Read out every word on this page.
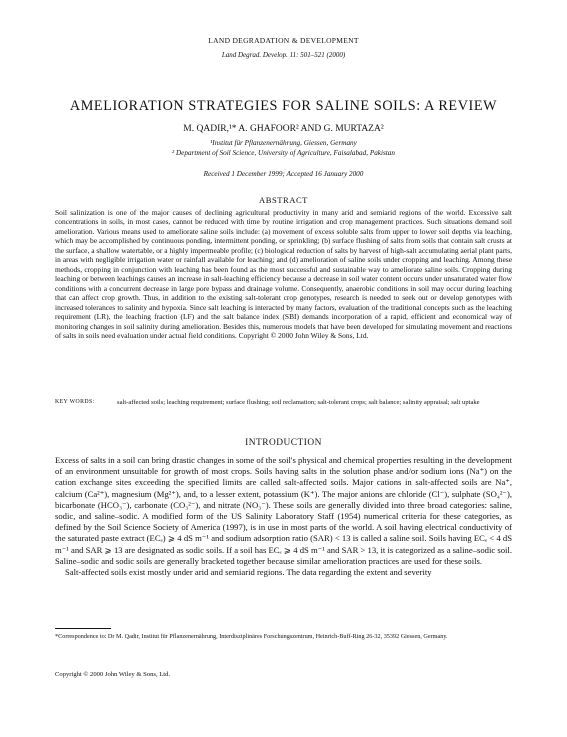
LAND DEGRADATION & DEVELOPMENT
Land Degrad. Develop. 11: 501–521 (2000)
AMELIORATION STRATEGIES FOR SALINE SOILS: A REVIEW
M. QADIR,¹* A. GHAFOOR² AND G. MURTAZA²
¹Institut für Pflanzenernährung, Giessen, Germany
² Department of Soil Science, University of Agriculture, Faisalabad, Pakistan
Received 1 December 1999; Accepted 16 January 2000
ABSTRACT

Soil salinization is one of the major causes of declining agricultural productivity in many arid and semiarid regions of the world. Excessive salt concentrations in soils, in most cases, cannot be reduced with time by routine irrigation and crop management practices. Such situations demand soil amelioration. Various means used to ameliorate saline soils include: (a) movement of excess soluble salts from upper to lower soil depths via leaching, which may be accomplished by continuous ponding, intermittent ponding, or sprinkling; (b) surface flushing of salts from soils that contain salt crusts at the surface, a shallow watertable, or a highly impermeable profile; (c) biological reduction of salts by harvest of high-salt accumulating aerial plant parts, in areas with negligible irrigation water or rainfall available for leaching; and (d) amelioration of saline soils under cropping and leaching. Among these methods, cropping in conjunction with leaching has been found as the most successful and sustainable way to ameliorate saline soils. Cropping during leaching or between leachings causes an increase in salt-leaching efficiency because a decrease in soil water content occurs under unsaturated water flow conditions with a concurrent decrease in large pore bypass and drainage volume. Consequently, anaerobic conditions in soil may occur during leaching that can affect crop growth. Thus, in addition to the existing salt-tolerant crop genotypes, research is needed to seek out or develop genotypes with increased tolerances to salinity and hypoxia. Since salt leaching is interacted by many factors, evaluation of the traditional concepts such as the leaching requirement (LR), the leaching fraction (LF) and the salt balance index (SBI) demands incorporation of a rapid, efficient and economical way of monitoring changes in soil salinity during amelioration. Besides this, numerous models that have been developed for simulating movement and reactions of salts in soils need evaluation under actual field conditions. Copyright © 2000 John Wiley & Sons, Ltd.

KEY WORDS:	salt-affected soils; leaching requirement; surface flushing; soil reclamation; salt-tolerant crops; salt balance; salinity appraisal; salt uptake
INTRODUCTION

Excess of salts in a soil can bring drastic changes in some of the soil's physical and chemical properties resulting in the development of an environment unsuitable for growth of most crops. Soils having salts in the solution phase and/or sodium ions (Na⁺) on the cation exchange sites exceeding the specified limits are called salt-affected soils. Major cations in salt-affected soils are Na⁺, calcium (Ca²⁺), magnesium (Mg²⁺), and, to a lesser extent, potassium (K⁺). The major anions are chloride (Cl⁻), sulphate (SO₄²⁻), bicarbonate (HCO₃⁻), carbonate (CO₃²⁻), and nitrate (NO₃⁻). These soils are generally divided into three broad categories: saline, sodic, and saline–sodic. A modified form of the US Salinity Laboratory Staff (1954) numerical criteria for these categories, as defined by the Soil Science Society of America (1997), is in use in most parts of the world. A soil having electrical conductivity of the saturated paste extract (ECₑ) ⩾ 4 dS m⁻¹ and sodium adsorption ratio (SAR) < 13 is called a saline soil. Soils having ECₑ < 4 dS m⁻¹ and SAR ⩾ 13 are designated as sodic soils. If a soil has ECₑ ⩾ 4 dS m⁻¹ and SAR > 13, it is categorized as a saline–sodic soil. Saline–sodic and sodic soils are generally bracketed together because similar amelioration practices are used for these soils.

Salt-affected soils exist mostly under arid and semiarid regions. The data regarding the extent and severity

*Correspondence to: Dr M. Qadir, Institut für Pflanzenernährung, Interdisziplinäres Forschungszentrum, Heinrich-Buff-Ring 26-32, 35392 Giessen, Germany.
Copyright © 2000 John Wiley & Sons, Ltd.
